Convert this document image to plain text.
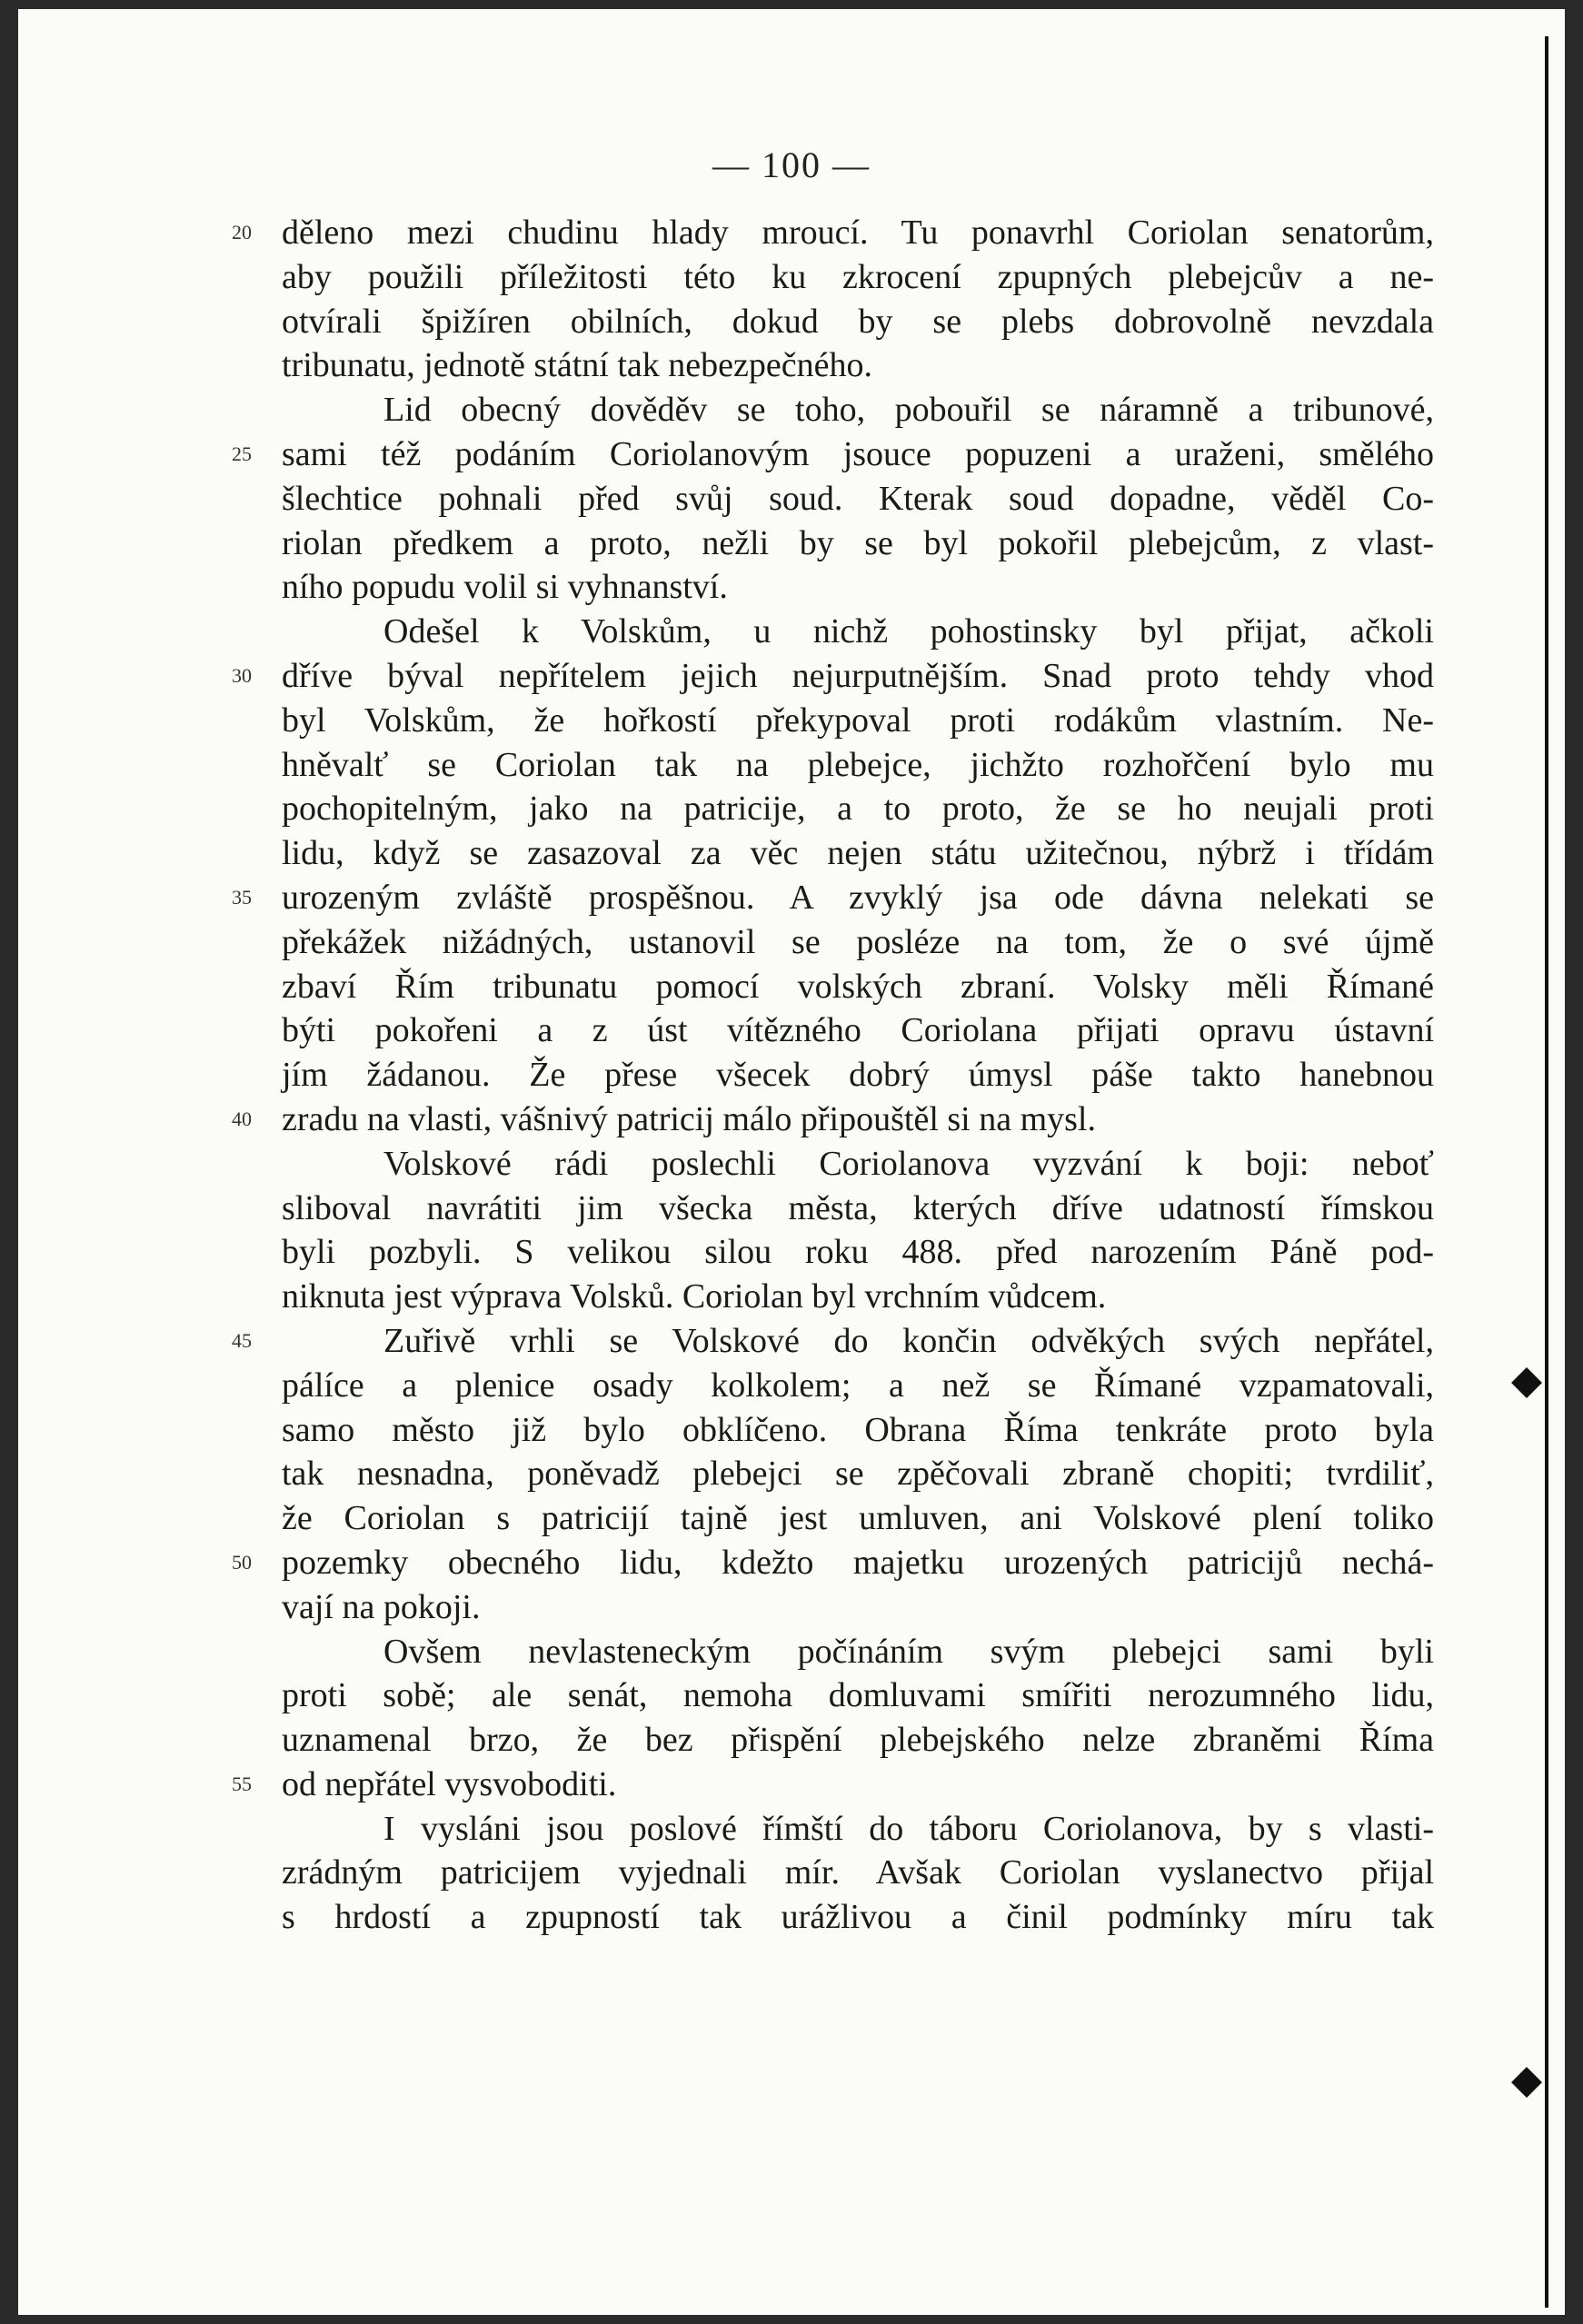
— 100 —
20 děleno mezi chudinu hlady mroucí. Tu ponavrhl Coriolan senatorům,
aby použili příležitosti této ku zkrocení zpupných plebejcův a ne-
otvírali špižíren obilních, dokud by se plebs dobrovolně nevzdala
tribunatu, jednotě státní tak nebezpečného.
Lid obecný dověděv se toho, pobouřil se náramně a tribunové,
25 sami též podáním Coriolanovým jsouce popuzeni a uraženi, smělého
šlechtice pohnali před svůj soud. Kterak soud dopadne, věděl Co-
riolan předkem a proto, nežli by se byl pokořil plebejcům, z vlast-
ního popudu volil si vyhnanství.
Odešel k Volskům, u nichž pohostinsky byl přijat, ačkoli
30 dříve býval nepřítelem jejich nejurputnějším. Snad proto tehdy vhod
byl Volskům, že hořkostí překypoval proti rodákům vlastním. Ne-
hněvalť se Coriolan tak na plebejce, jichžto rozhořčení bylo mu
pochopitelným, jako na patricije, a to proto, že se ho neujali proti
lidu, když se zasazoval za věc nejen státu užitečnou, nýbrž i třídám
35 urozeným zvláště prospěšnou. A zvyklý jsa ode dávna nelekati se
překážek nižádných, ustanovil se posléze na tom, že o své újmě
zbaví Řím tribunatu pomocí volských zbraní. Volsky měli Římané
býti pokořeni a z úst vítězného Coriolana přijati opravu ústavní
jím žádanou. Že přese všecek dobrý úmysl páše takto hanebnou
40 zradu na vlasti, vášnivý patricij málo připouštěl si na mysl.
Volskové rádi poslechli Coriolanova vyzvání k boji: neboť
sliboval navrátiti jim všecka města, kterých dříve udatností římskou
byli pozbyli. S velikou silou roku 488. před narozením Páně pod-
niknuta jest výprava Volsků. Coriolan byl vrchním vůdcem.
45	Zuřivě vrhli se Volskové do končin odvěkých svých nepřátel,
pálíce a plenice osady kolkolem; a než se Římané vzpamatovali,
samo město již bylo obklíčeno. Obrana Říma tenkráte proto byla
tak nesnadna, poněvadž plebejci se zpěčovali zbraně chopiti; tvrdiliť,
že Coriolan s patricijí tajně jest umluven, ani Volskové plení toliko
50 pozemky obecného lidu, kdežto majetku urozených patricijů nechá-
vají na pokoji.
Ovšem nevlasteneckým počínáním svým plebejci sami byli
proti sobě; ale senát, nemoha domluvami smířiti nerozumného lidu,
uznamenal brzo, že bez přispění plebejského nelze zbraněmi Říma
55 od nepřátel vysvoboditi.
I vysláni jsou poslové římští do táboru Coriolanova, by s vlasti-
zrádným patricijem vyjednali mír. Avšak Coriolan vyslanectvo přijal
s hrdostí a zpupností tak urážlivou a činil podmínky míru tak
